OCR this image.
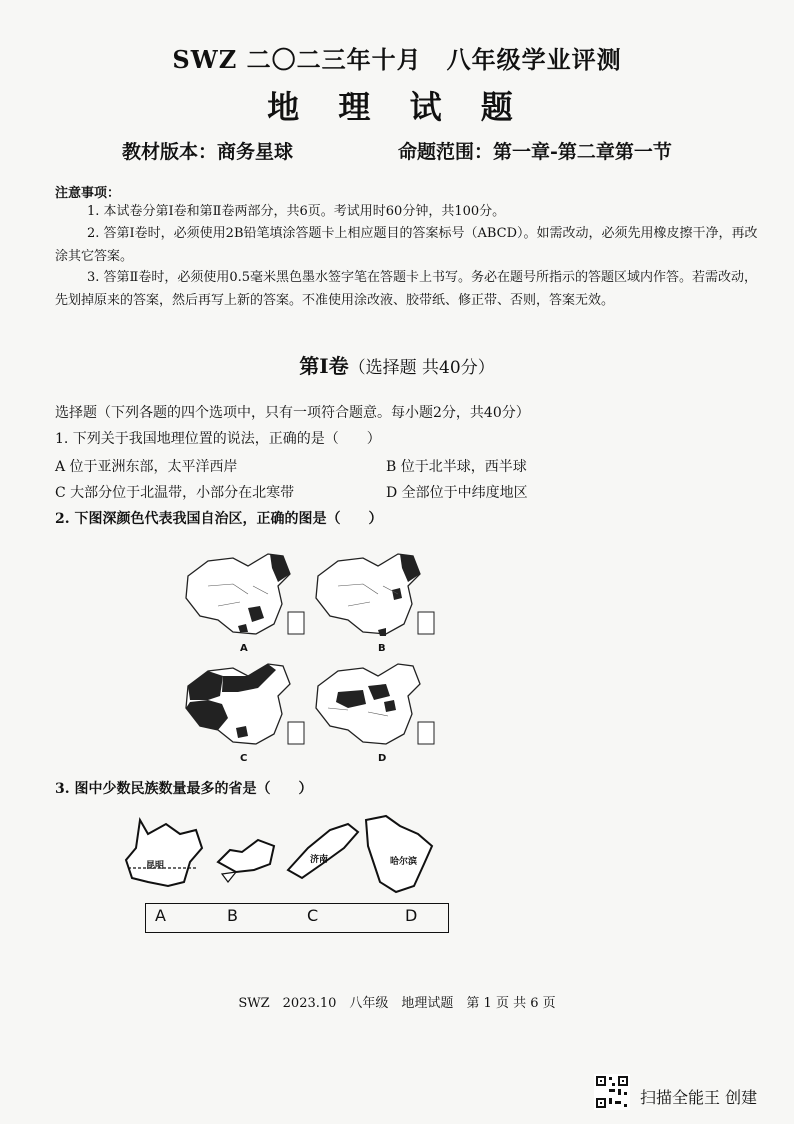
SWZ 二〇二三年十月　八年级学业评测
地 理 试 题
教材版本：商务星球	命题范围：第一章-第二章第一节
注意事项：
1. 本试卷分第Ⅰ卷和第Ⅱ卷两部分，共6页。考试用时60分钟，共100分。
2. 答第Ⅰ卷时，必须使用2B铅笔填涂答题卡上相应题目的答案标号（ABCD）。如需改动，必须先用橡皮擦干净，再改涂其它答案。
3. 答第Ⅱ卷时，必须使用0.5毫米黑色墨水签字笔在答题卡上书写。务必在题号所指示的答题区域内作答。若需改动，先划掉原来的答案，然后再写上新的答案。不准使用涂改液、胶带纸、修正带、否则，答案无效。
第Ⅰ卷（选择题 共40分）
选择题（下列各题的四个选项中，只有一项符合题意。每小题2分，共40分）
1. 下列关于我国地理位置的说法，正确的是（　　）
A 位于亚洲东部，太平洋西岸	B 位于北半球，西半球
C 大部分位于北温带，小部分在北寒带	D 全部位于中纬度地区
2. 下图深颜色代表我国自治区，正确的图是（　　）
A	B
C	D
3. 图中少数民族数量最多的省是（　　）
昆明
济南	哈尔滨
A	B	C	D
SWZ　2023.10　八年级　地理试题　第 1 页 共 6 页
扫描全能王 创建
